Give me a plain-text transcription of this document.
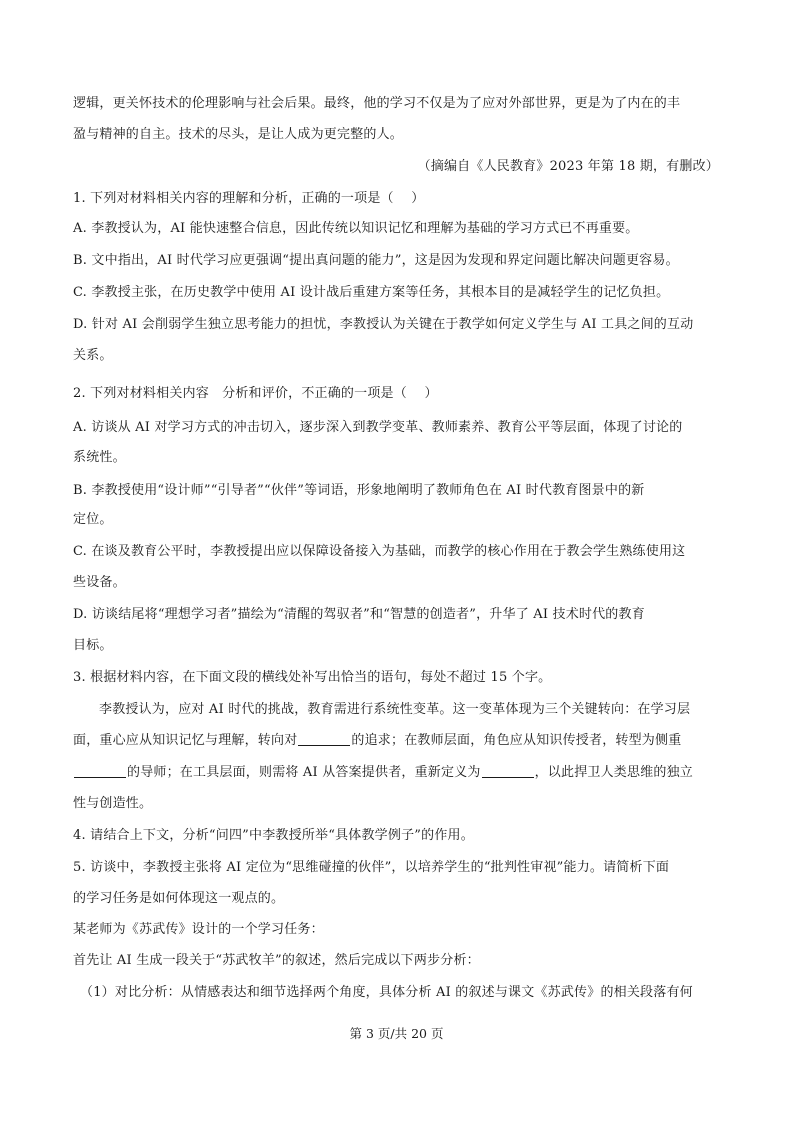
逻辑，更关怀技术的伦理影响与社会后果。最终，他的学习不仅是为了应对外部世界，更是为了内在的丰
盈与精神的自主。技术的尽头，是让人成为更完整的人。
（摘编自《人民教育》2023 年第 18 期，有删改）
1. 下列对材料相关内容的理解和分析，正确的一项是（　 ）
A. 李教授认为，AI 能快速整合信息，因此传统以知识记忆和理解为基础的学习方式已不再重要。
B. 文中指出，AI 时代学习应更强调“提出真问题的能力”，这是因为发现和界定问题比解决问题更容易。
C. 李教授主张，在历史教学中使用 AI 设计战后重建方案等任务，其根本目的是减轻学生的记忆负担。
D. 针对 AI 会削弱学生独立思考能力的担忧，李教授认为关键在于教学如何定义学生与 AI 工具之间的互动
关系。
2. 下列对材料相关内容　分析和评价，不正确的一项是（　 ）
A. 访谈从 AI 对学习方式的冲击切入，逐步深入到教学变革、教师素养、教育公平等层面，体现了讨论的
系统性。
B. 李教授使用“设计师”“引导者”“伙伴”等词语，形象地阐明了教师角色在 AI 时代教育图景中的新
定位。
C. 在谈及教育公平时，李教授提出应以保障设备接入为基础，而教学的核心作用在于教会学生熟练使用这
些设备。
D. 访谈结尾将“理想学习者”描绘为“清醒的驾驭者”和“智慧的创造者”，升华了 AI 技术时代的教育
目标。
3. 根据材料内容，在下面文段的横线处补写出恰当的语句，每处不超过 15 个字。
李教授认为，应对 AI 时代的挑战，教育需进行系统性变革。这一变革体现为三个关键转向：在学习层
面，重心应从知识记忆与理解，转向对	的追求；在教师层面，角色应从知识传授者，转型为侧重
的导师；在工具层面，则需将 AI 从答案提供者，重新定义为	，以此捍卫人类思维的独立
性与创造性。
4. 请结合上下文，分析“问四”中李教授所举“具体教学例子”的作用。
5. 访谈中，李教授主张将 AI 定位为“思维碰撞的伙伴”，以培养学生的“批判性审视”能力。请简析下面
的学习任务是如何体现这一观点的。
某老师为《苏武传》设计的一个学习任务：
首先让 AI 生成一段关于“苏武牧羊”的叙述，然后完成以下两步分析：
（1）对比分析：从情感表达和细节选择两个角度，具体分析 AI 的叙述与课文《苏武传》的相关段落有何
第 3 页/共 20 页
